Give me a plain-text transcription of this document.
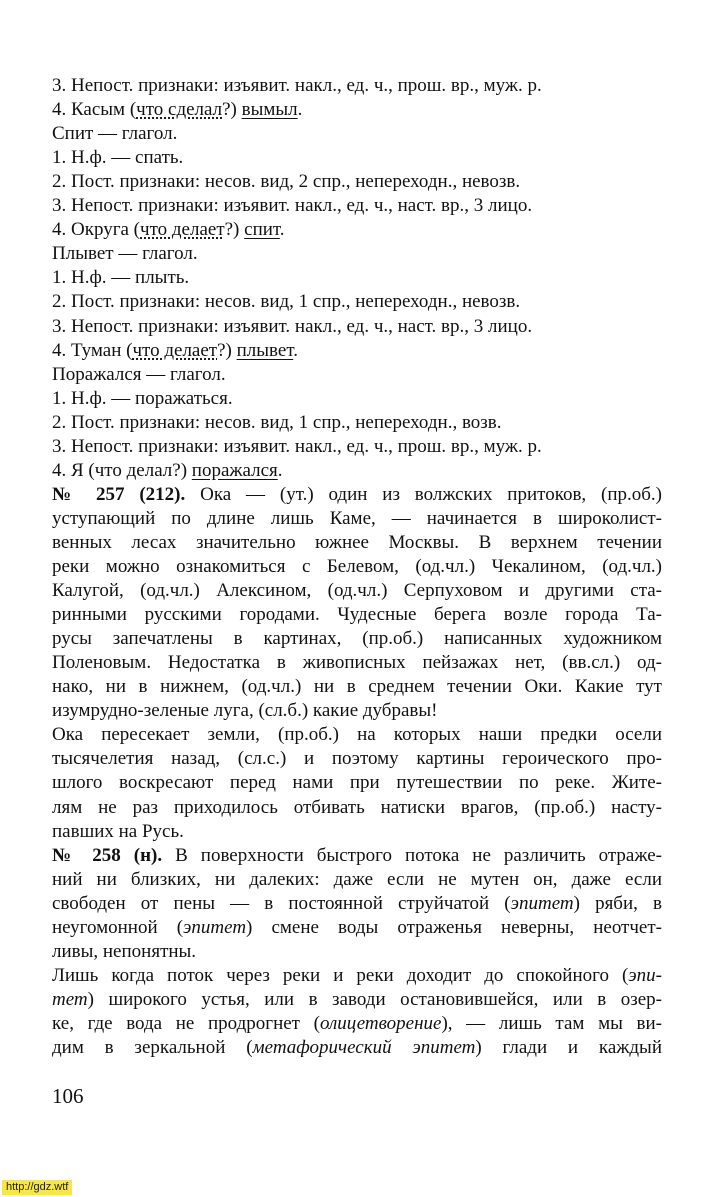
3. Непост. признаки: изъявит. накл., ед. ч., прош. вр., муж. р.
4. Касым (что сделал?) вымыл.
Спит — глагол.
1. Н.ф. — спать.
2. Пост. признаки: несов. вид, 2 спр., непереходн., невозв.
3. Непост. признаки: изъявит. накл., ед. ч., наст. вр., 3 лицо.
4. Округа (что делает?) спит.
Плывет — глагол.
1. Н.ф. — плыть.
2. Пост. признаки: несов. вид, 1 спр., непереходн., невозв.
3. Непост. признаки: изъявит. накл., ед. ч., наст. вр., 3 лицо.
4. Туман (что делает?) плывет.
Поражался — глагол.
1. Н.ф. — поражаться.
2. Пост. признаки: несов. вид, 1 спр., непереходн., возв.
3. Непост. признаки: изъявит. накл., ед. ч., прош. вр., муж. р.
4. Я (что делал?) поражался.
№ 257 (212). Ока — (ут.) один из волжских притоков, (пр.об.)
уступающий по длине лишь Каме, — начинается в широколист-
венных лесах значительно южнее Москвы. В верхнем течении
реки можно ознакомиться с Белевом, (од.чл.) Чекалином, (од.чл.)
Калугой, (од.чл.) Алексином, (од.чл.) Серпуховом и другими ста-
ринными русскими городами. Чудесные берега возле города Та-
русы запечатлены в картинах, (пр.об.) написанных художником
Поленовым. Недостатка в живописных пейзажах нет, (вв.сл.) од-
нако, ни в нижнем, (од.чл.) ни в среднем течении Оки. Какие тут
изумрудно-зеленые луга, (сл.б.) какие дубравы!
Ока пересекает земли, (пр.об.) на которых наши предки осели
тысячелетия назад, (сл.с.) и поэтому картины героического про-
шлого воскресают перед нами при путешествии по реке. Жите-
лям не раз приходилось отбивать натиски врагов, (пр.об.) насту-
павших на Русь.
№ 258 (н). В поверхности быстрого потока не различить отраже-
ний ни близких, ни далеких: даже если не мутен он, даже если
свободен от пены — в постоянной струйчатой (эпитет) ряби, в
неугомонной (эпитет) смене воды отраженья неверны, неотчет-
ливы, непонятны.
Лишь когда поток через реки и реки доходит до спокойного (эпи-
тет) широкого устья, или в заводи остановившейся, или в озер-
ке, где вода не продрогнет (олицетворение), — лишь там мы ви-
дим в зеркальной (метафорический эпитет) глади и каждый
106
http://gdz.wtf
